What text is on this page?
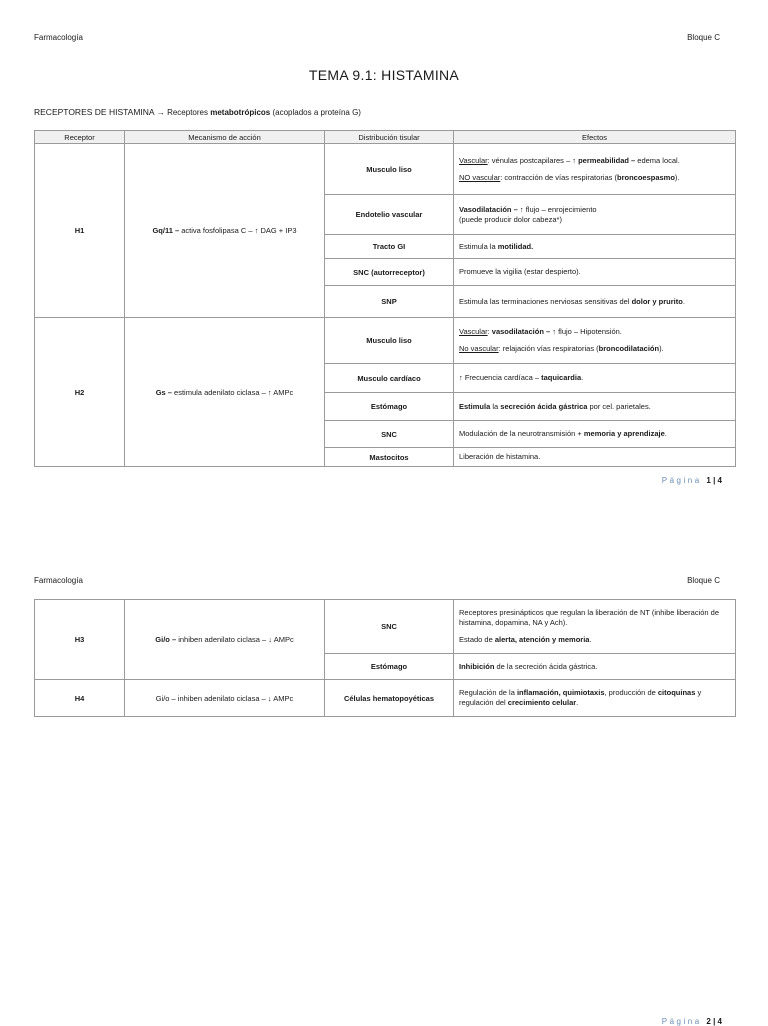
Farmacología	Bloque C
TEMA 9.1: HISTAMINA
RECEPTORES DE HISTAMINA → Receptores metabotrópicos (acoplados a proteína G)
Receptor	Mecanismo de acción	Distribución tisular	Efectos
H1	Gq/11 – activa fosfolipasa C – ↑ DAG + IP3	Musculo liso	Vascular: vénulas postcapilares – ↑ permeabilidad – edema local.

NO vascular: contracción de vías respiratorias (broncoespasmo).

		Endotelio vascular	Vasodilatación – ↑ flujo – enrojecimiento
(puede producir dolor cabeza*)
		Tracto GI	Estimula la motilidad.
		SNC (autorreceptor)	Promueve la vigilia (estar despierto).
		SNP	Estimula las terminaciones nerviosas sensitivas del dolor y prurito.
H2	Gs – estimula adenilato ciclasa – ↑ AMPc	Musculo liso	Vascular: vasodilatación – ↑ flujo – Hipotensión.

No vascular: relajación vías respiratorias (broncodilatación).

		Musculo cardíaco	↑ Frecuencia cardíaca – taquicardia.
		Estómago	Estimula la secreción ácida gástrica por cel. parietales.
		SNC	Modulación de la neurotransmisión + memoria y aprendizaje.
		Mastocitos	Liberación de histamina.
Página 1 | 4
Farmacología	Bloque C
H3	Gi/o – inhiben adenilato ciclasa – ↓ AMPc	SNC	Receptores presinápticos que regulan la liberación de NT (inhibe liberación de histamina, dopamina, NA y Ach).

Estado de alerta, atención y memoria.

		Estómago	Inhibición de la secreción ácida gástrica.
H4	Gi/o – inhiben adenilato ciclasa – ↓ AMPc	Células hematopoyéticas	Regulación de la inflamación, quimiotaxis, producción de citoquinas y regulación del crecimiento celular.
Página 2 | 4
